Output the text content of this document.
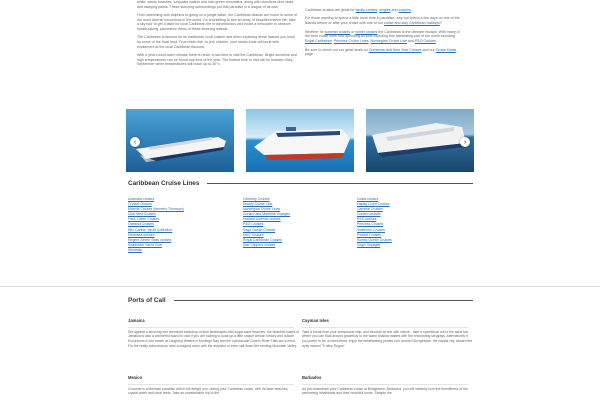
white, sandy beaches, turquoise waters and lush green mountains, along with cloudless blue skies and swaying palms. These stunning surroundings put this paradise in a league of its own.

From swimming with dolphins to going on a jungle safari, the Caribbean islands are home to some of the most diverse excursions in the world. Go snorkelling to see an array of beautiful marine life, take a sky tour to get a taste for local Caribbean life or adventurous and board a helicopter to observe breath-taking, panoramic views of these stunning islands.

The Caribbean is famous for its traditional, local cuisine and when exploring these islands you must try some of the local food. From fresh fish, to jerk chicken, your tastes buds will burst with excitement at the local Caribbean flavours.

With a year-round warm climate there is never a bad time to visit the Caribbean. Bright sunshine and high temperatures can be found any time of the year. The hottest time to visit will be between May-September when temperatures will reach up to 30°c.

Caribbean cruises are great for family cruises, singles and couples.

For those wanting to spend a little more time in paradise, why not spend a few days on one of the islands before or after your cruise with one of our cruise and stay Caribbean holidays?

Whether for summer cruises or winter cruises the Caribbean is the ultimate escape. With many of the best cruise lines now spending all year exploring this fascinating part of the world including Royal Caribbean, Princess Cruise Lines, Norwegian Cruise Line and P&O Cruises.

Be sure to check out our great deals on Christmas and New Year Cruises and our Cruise Deals page.

‹	›
Caribbean Cruise Lines
Azamara cruises
Crystal Cruises
Marella Cruises (formerly Thomson)
Club Med Cruises
Fred. Olsen Cruises
Oceania Cruises
Ritz Carlton Yacht Collection
Silversea cruises
Regent Seven Seas cruises
Seadream Yacht Club
Windstar
Celebrity Cruises
Disney Cruise Line
Norwegian Cruise Lines
Cunard and Maritime Voyages
Holland America cruises
P&O Cruises
Saga Ocean Cruises
MSC Cruises
Royal Caribbean Cruises
Star Clippers cruises
Costa cruises
Hapag Lloyd Cruises
Carnival Cruises
Cunard cruises
RSC cruises
Princess Cruises
Seabourn Cruises
Ponant Cruises
Scenic Ocean Cruises
Virgin Voyages
Ports of Call
Jamaica

Set against a stunning sun drenched backdrop of lush landscapes and sugar sand beaches, the beautiful island of Jamaica is also a wonderful island to visit if you are looking to soak up a little unique African history and culture. Excursions to the beach at Laughing Waters in Montego Bay and the spectacular Dunn's River Falls are a must. For the really adventurous, take a magical swim with the dolphins or even sail down the exciting Mountain Valley.

Cayman Isles

Take a break from your sumptuous ship, and become at one with nature - take a speedboat out to the sand bar where you can float around gracefully to the warm shallow waters with the enchanting stingrays. Alternatively if you prefer to be on terra firma, enjoy the breathtaking pirates tour around Georgetown, the capital city, aboard the aptly named "Trolley Rogue".

Mexico

Cozumel is a Mexican paradise which will delight you, during your Caribbean cruise, with its laser beaches, crystal water and coral reefs. Take an unbelievable trip to the

Barbados

As you disembark your Caribbean cruise at Bridgetown, Barbados, you will instantly love the friendliness of the welcoming inhabitants and their beautiful home. Sample the
